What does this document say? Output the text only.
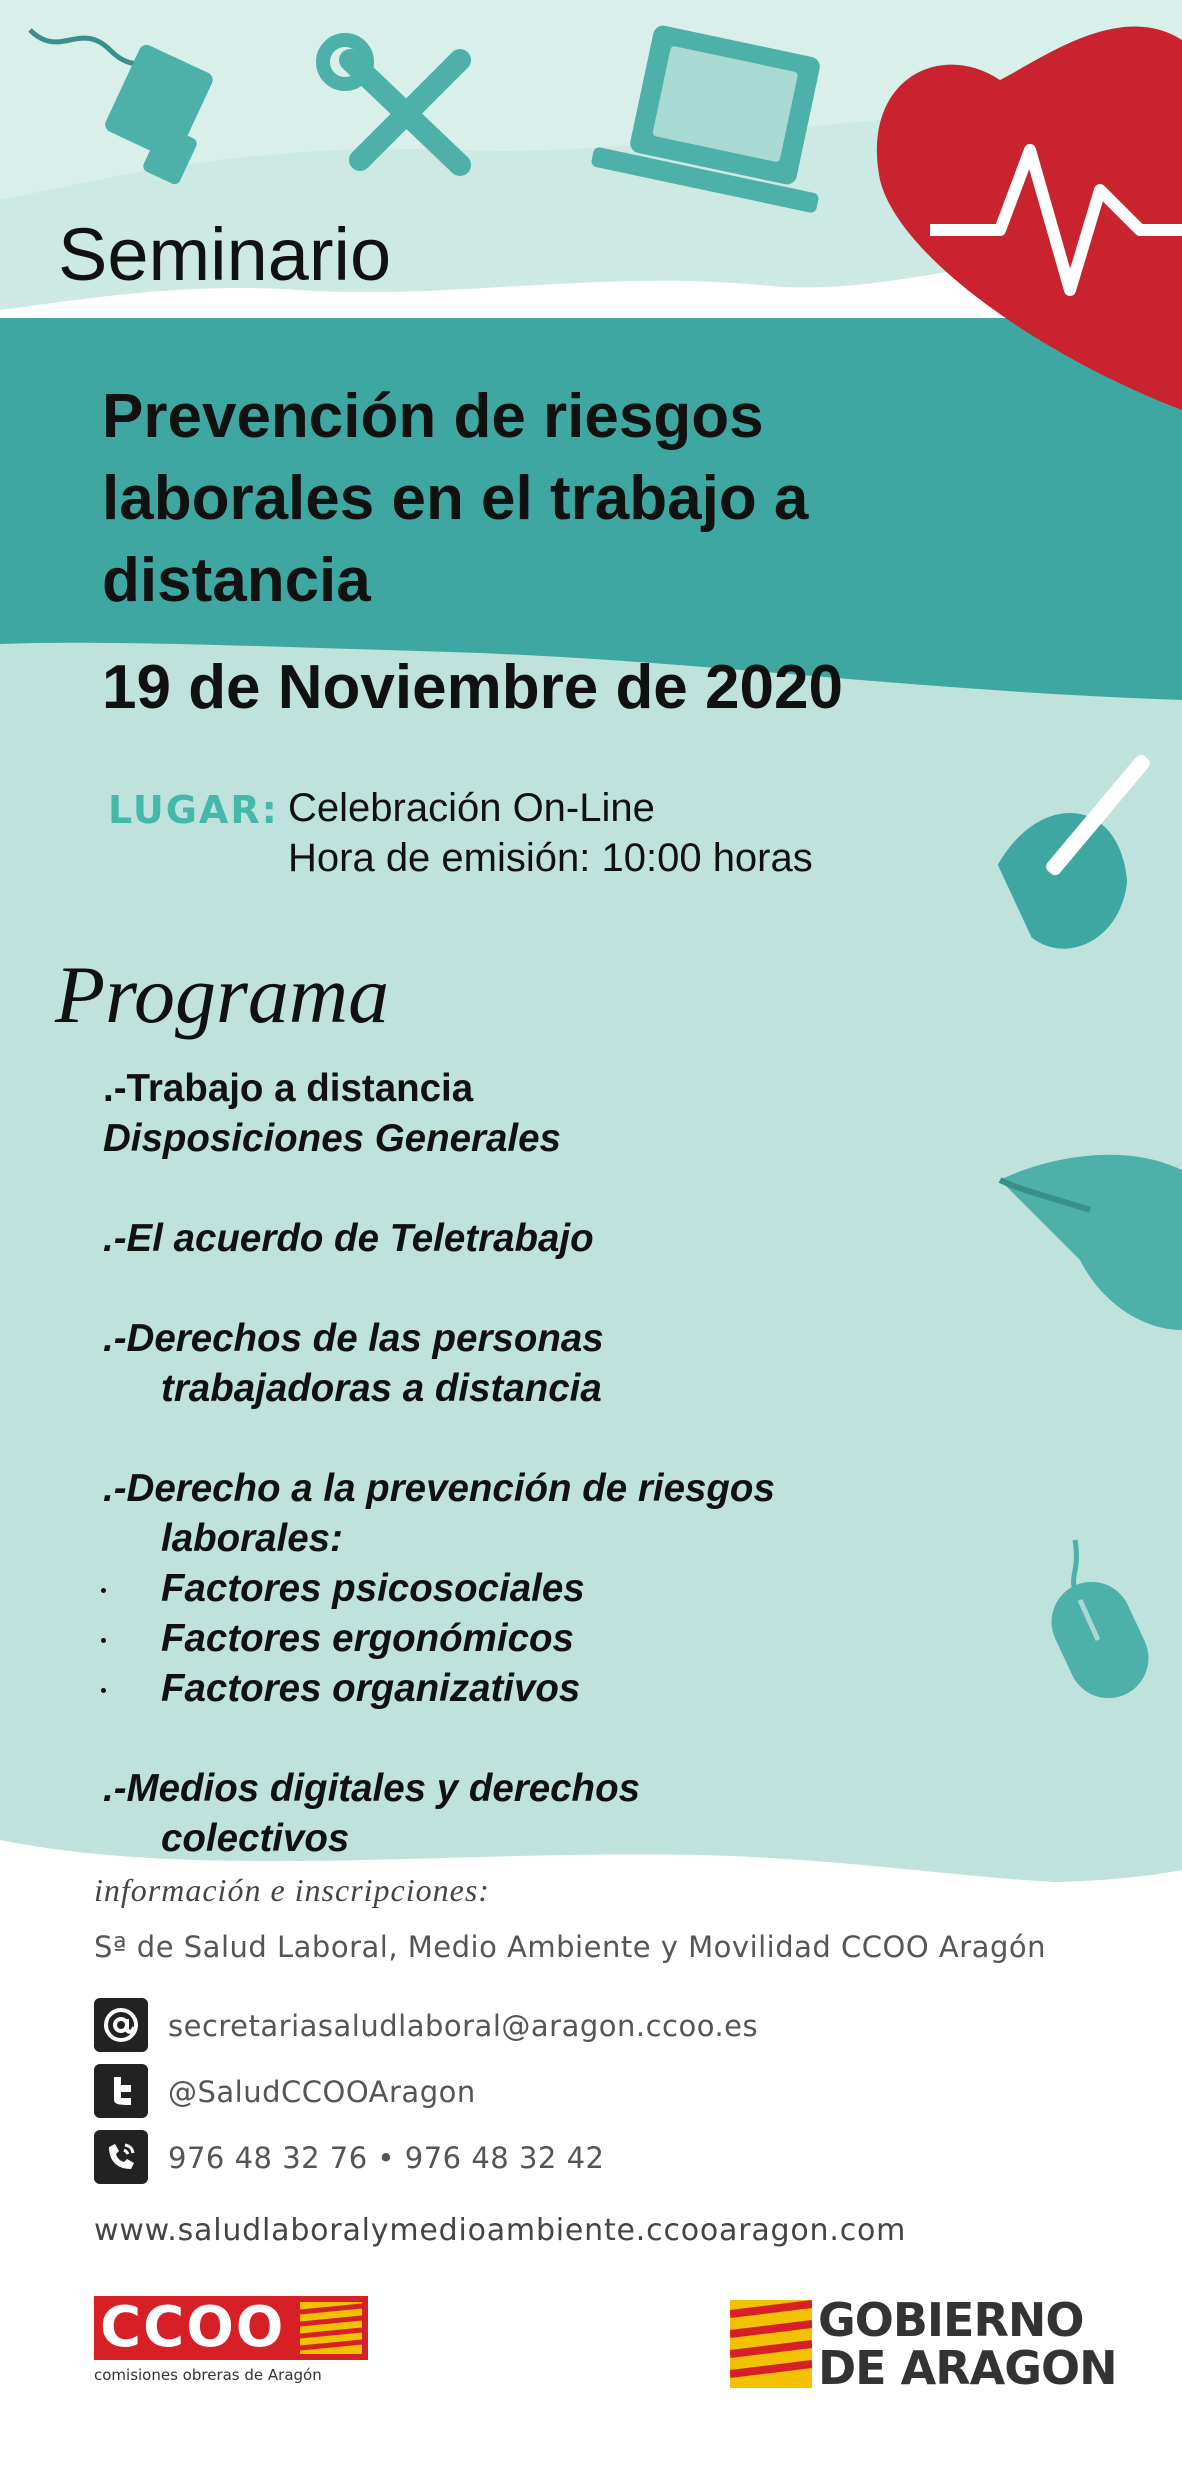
Seminario
Prevención de riesgos
laborales en el trabajo a
distancia
19 de Noviembre de 2020
LUGAR: Celebración On-Line
Hora de emisión: 10:00 horas
Programa
.-Trabajo a distancia
Disposiciones Generales
.-El acuerdo de Teletrabajo
.-Derechos de las personas
trabajadoras a distancia
.-Derecho a la prevención de riesgos
laborales:
Factores psicosociales
Factores ergonómicos
Factores organizativos
.-Medios digitales y derechos
colectivos
información e inscripciones:
Sª de Salud Laboral, Medio Ambiente y Movilidad CCOO Aragón
secretariasaludlaboral@aragon.ccoo.es
@SaludCCOOAragon
976 48 32 76 • 976 48 32 42
www.saludlaboralymedioambiente.ccooaragon.com
CCOO
comisiones obreras de Aragón
GOBIERNO
DE ARAGON
